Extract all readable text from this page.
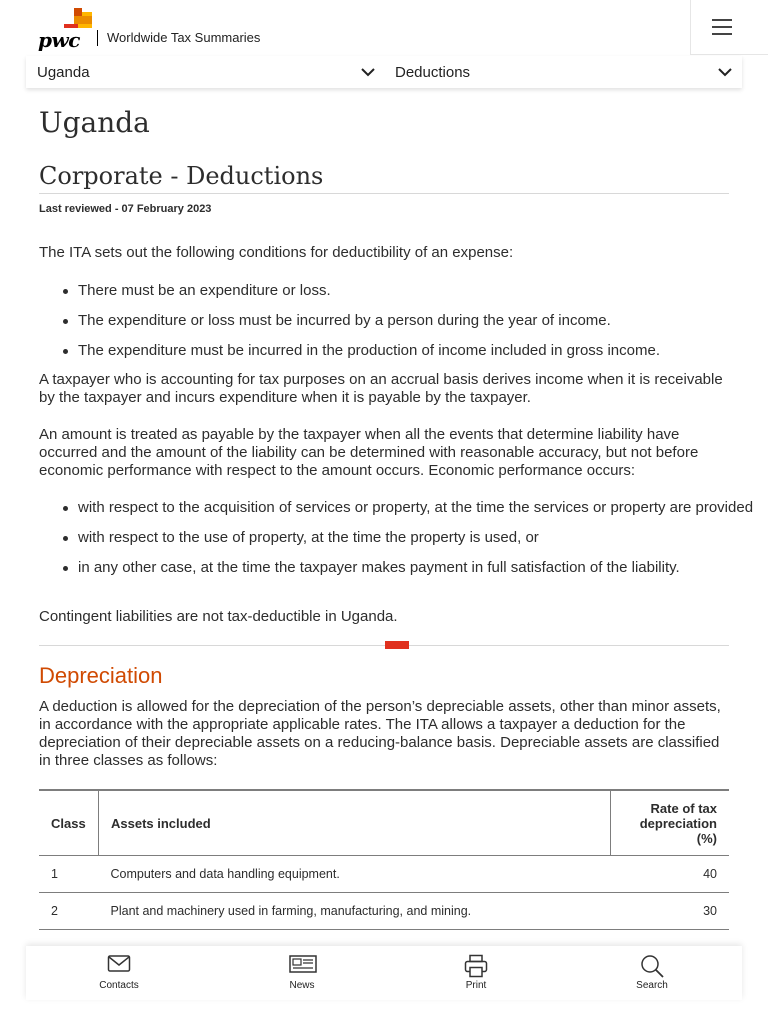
pwc Worldwide Tax Summaries
Uganda	Deductions
Uganda
Corporate - Deductions
Last reviewed - 07 February 2023

The ITA sets out the following conditions for deductibility of an expense:

There must be an expenditure or loss.
The expenditure or loss must be incurred by a person during the year of income.
The expenditure must be incurred in the production of income included in gross income.

A taxpayer who is accounting for tax purposes on an accrual basis derives income when it is receivable by the taxpayer and incurs expenditure when it is payable by the taxpayer.

An amount is treated as payable by the taxpayer when all the events that determine liability have occurred and the amount of the liability can be determined with reasonable accuracy, but not before economic performance with respect to the amount occurs. Economic performance occurs:

with respect to the acquisition of services or property, at the time the services or property are provided
with respect to the use of property, at the time the property is used, or
in any other case, at the time the taxpayer makes payment in full satisfaction of the liability.

Contingent liabilities are not tax-deductible in Uganda.

Depreciation

A deduction is allowed for the depreciation of the person’s depreciable assets, other than minor assets, in accordance with the appropriate applicable rates. The ITA allows a taxpayer a deduction for the depreciation of their depreciable assets on a reducing-balance basis. Depreciable assets are classified in three classes as follows:

Class	Assets included	Rate of tax depreciation (%)
1	Computers and data handling equipment.	40
2	Plant and machinery used in farming, manufacturing, and mining.	30
Contacts	News	Print	Search
